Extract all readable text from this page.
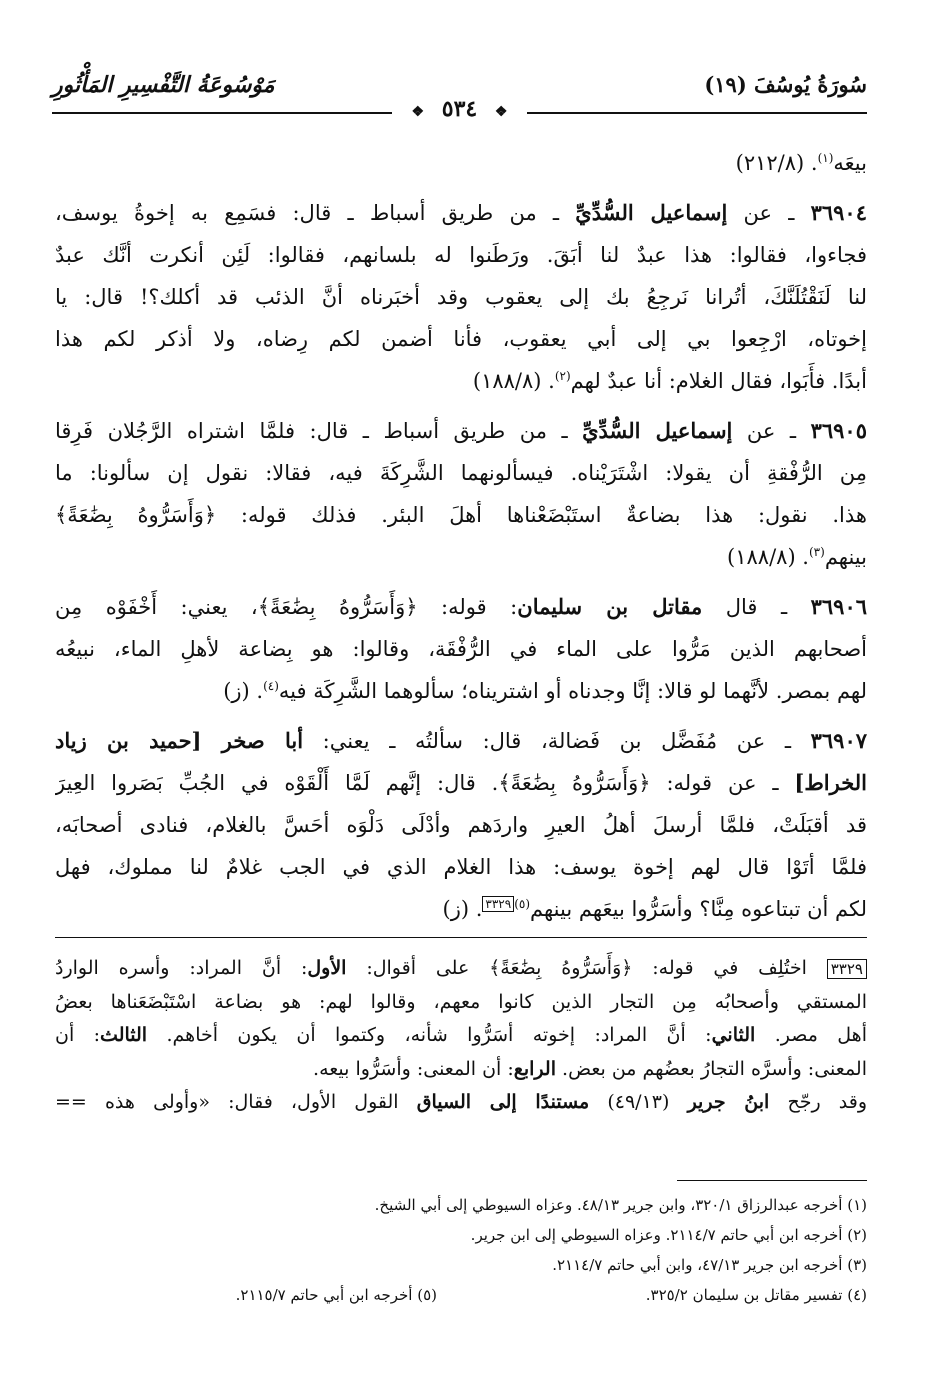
سُورَةُ يُوسُفَ (١٩)
مَوْسُوعَةُ التَّفْسِيرِ المَأْثُورِ
❖ ٥٣٤ ❖
بيعَه$^{(١)}$. (٢١٢/٨)
٣٦٩٠٤ ـ عن إسماعيل السُّدِّيِّ ـ من طريق أسباط ـ قال: فسَمِع به إخوةُ يوسف،
فجاءوا، فقالوا: هذا عبدٌ لنا أبَقَ. ورَطَنوا له بلسانهم، فقالوا: لَئِن أنكرت أنَّك عبدٌ
لنا لَنَقْتُلَنَّكَ، أتُرانا نَرجِعُ بك إلى يعقوب وقد أخبَرناه أنَّ الذئب قد أكلك؟! قال: يا
إخوتاه، ارْجِعوا بي إلى أبي يعقوب، فأنا أضمن لكم رِضاه، ولا أذكر لكم هذا
أبدًا. فأَبَوا، فقال الغلام: أنا عبدٌ لهم$^{(٢)}$. (١٨٨/٨)
٣٦٩٠٥ ـ عن إسماعيل السُّدِّيِّ ـ من طريق أسباط ـ قال: فلمَّا اشتراه الرَّجُلان فَرِقا
مِن الرُّفْقةِ أن يقولا: اشْتَرَيْناه. فيسألونهما الشَّرِكَةَ فيه، فقالا: نقول إن سألونا: ما
هذا. نقول: هذا بضاعةٌ استَبْضَعْناها أهلَ البئر. فذلك قوله: ﴿وَأَسَرُّوهُ بِضَٰعَةً﴾
بينهم$^{(٣)}$. (١٨٨/٨)
٣٦٩٠٦ ـ قال مقاتل بن سليمان: قوله: ﴿وَأَسَرُّوهُ بِضَٰعَةً﴾، يعني: أَخْفَوْه مِن
أصحابهم الذين مَرُّوا على الماء في الرُّفْقَة، وقالوا: هو بِضاعة لأهلِ الماء، نبيعُه
لهم بمصر. لأنَّهما لو قالا: إنَّا وجدناه أو اشتريناه؛ سألوهما الشَّرِكَة فيه$^{(٤)}$. (ز)
٣٦٩٠٧ ـ عن مُفَضَّل بن فَضالة، قال: سألتُه ـ يعني: أبا صخر [حميد بن زياد
الخراط] ـ عن قوله: ﴿وَأَسَرُّوهُ بِضَٰعَةً﴾. قال: إنَّهم لَمَّا أَلْقَوْه في الجُبِّ بَصَروا العِيرَ
قد أقبَلَتْ، فلمَّا أرسلَ أهلُ العيرِ واردَهم وأدْلَى دَلْوَه أحَسَّ بالغلام، فنادى أصحابَه،
فلمَّا أتَوْا قال لهم إخوة يوسف: هذا الغلام الذي في الجب غلامٌ لنا مملوك، فهل
لكم أن تبتاعوه مِنَّا؟ وأسَرُّوا بيعَهم بينهم$^{(٥)٣٣٢٩}$. (ز)
٣٣٢٩ اختُلِف في قوله: ﴿وَأَسَرُّوهُ بِضَٰعَةً﴾ على أقوال: الأول: أنَّ المراد: وأسره الواردُ
المستقي وأصحابُه مِن التجار الذين كانوا معهم، وقالوا لهم: هو بضاعة اسْتَبْضَعَناها بعضُ
أهل مصر. الثاني: أنَّ المراد: إخوته أسَرُّوا شأنه، وكتموا أن يكون أخاهم. الثالث: أن
المعنى: وأسرَّه التجارُ بعضُهم من بعض. الرابع: أن المعنى: وأسَرُّوا بيعه.
وقد رجّح ابنُ جرير (٤٩/١٣) مستندًا إلى السياق القول الأول، فقال: «وأولى هذه ==
(١) أخرجه عبدالرزاق ٣٢٠/١، وابن جرير ٤٨/١٣. وعزاه السيوطي إلى أبي الشيخ.
(٢) أخرجه ابن أبي حاتم ٢١١٤/٧. وعزاه السيوطي إلى ابن جرير.
(٣) أخرجه ابن جرير ٤٧/١٣، وابن أبي حاتم ٢١١٤/٧.
(٤) تفسير مقاتل بن سليمان ٣٢٥/٢.
(٥) أخرجه ابن أبي حاتم ٢١١٥/٧.
